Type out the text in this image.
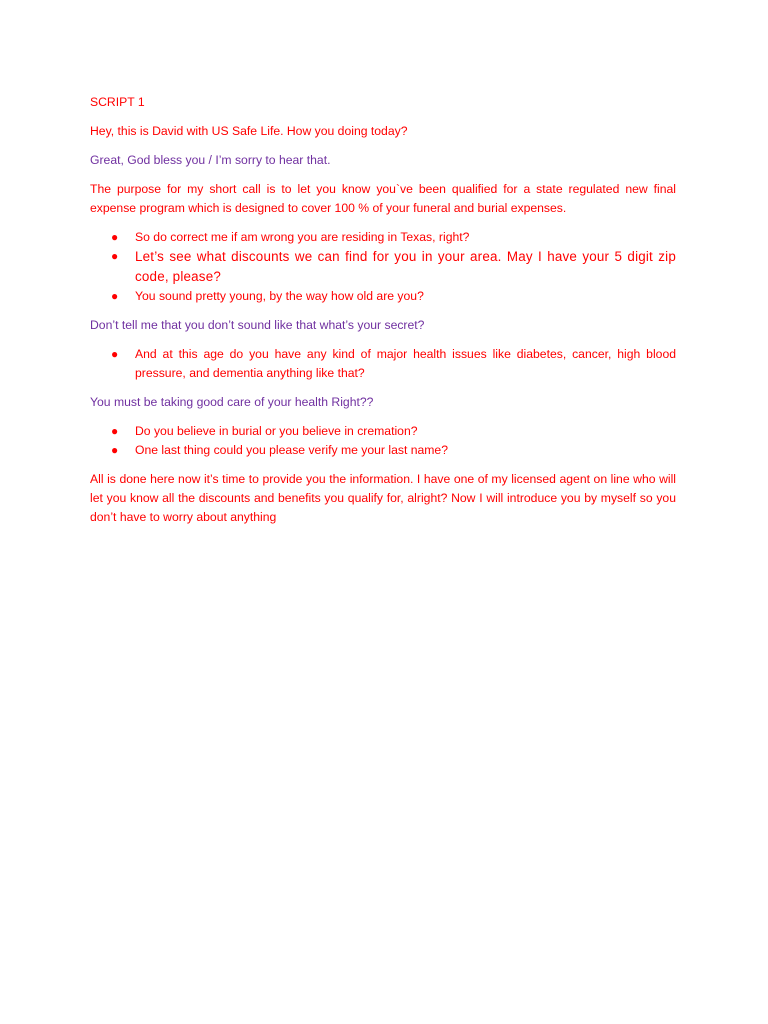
SCRIPT 1

Hey, this is David with US Safe Life. How you doing today?

Great, God bless you / I’m sorry to hear that.

The purpose for my short call is to let you know you`ve been qualified for a state regulated new final expense program which is designed to cover 100 % of your funeral and burial expenses.

● So do correct me if am wrong you are residing in Texas, right?
● Let’s see what discounts we can find for you in your area. May I have your 5 digit zip code, please?
● You sound pretty young, by the way how old are you?

Don’t tell me that you don’t sound like that what’s your secret?

● And at this age do you have any kind of major health issues like diabetes, cancer, high blood pressure, and dementia anything like that?

You must be taking good care of your health Right??

● Do you believe in burial or you believe in cremation?
● One last thing could you please verify me your last name?

All is done here now it’s time to provide you the information. I have one of my licensed agent on line who will let you know all the discounts and benefits you qualify for, alright? Now I will introduce you by myself so you don’t have to worry about anything
